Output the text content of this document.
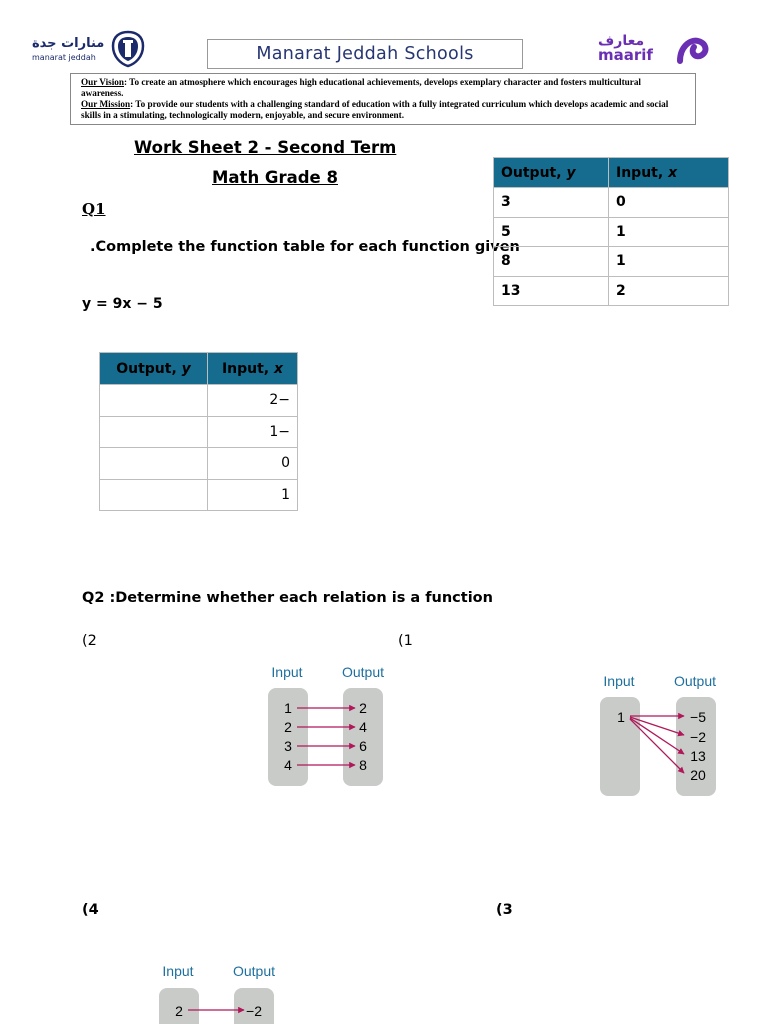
منارات جدة
manarat jeddah	Manarat Jeddah Schools
معارف
maarif
Our Vision: To create an atmosphere which encourages high educational achievements, develops exemplary character and fosters multicultural awareness.
Our Mission: To provide our students with a challenging standard of education with a fully integrated curriculum which develops academic and social skills in a stimulating, technologically modern, enjoyable, and secure environment.
Work Sheet 2 - Second Term
Math Grade 8
Q1
.Complete the function table for each function given
y = 9x − 5
Output, y	Input, x
3	0
5	1
8	1
13	2
Output, y	Input, x
	2−
	1−
	0
	1
Q2 :Determine whether each relation is a function
(2	(1
(4	(3
Input	Output
1
2
3
4
2
4
6
8
Input	Output
1	−5
−2
13
20
Input	Output
2	−2
